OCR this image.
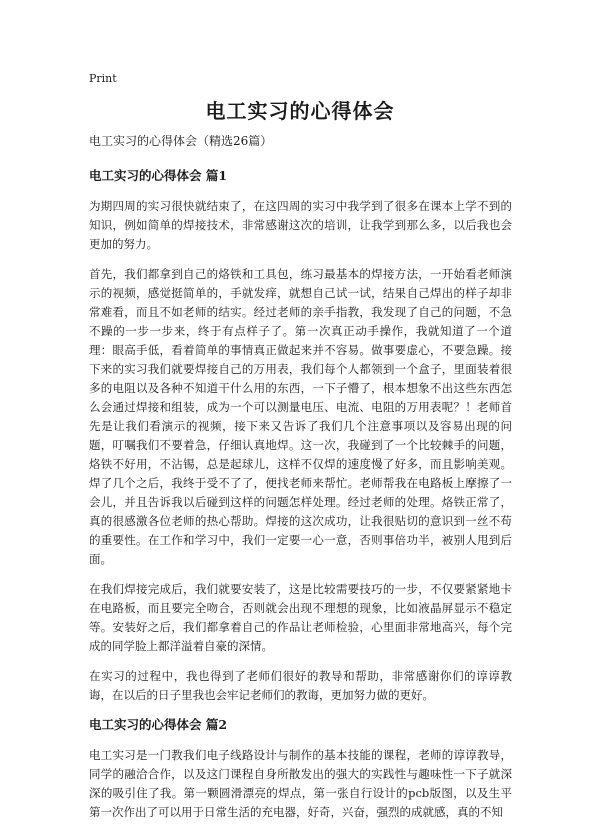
Print
电工实习的心得体会
电工实习的心得体会（精选26篇）
电工实习的心得体会 篇1

为期四周的实习很快就结束了，在这四周的实习中我学到了很多在课本上学不到的知识，例如简单的焊接技术，非常感谢这次的培训，让我学到那么多，以后我也会更加的努力。

首先，我们都拿到自己的烙铁和工具包，练习最基本的焊接方法，一开始看老师演示的视频，感觉挺简单的，手就发痒，就想自己试一试，结果自己焊出的样子却非常难看，而且不如老师的结实。经过老师的亲手指教，我发现了自己的问题，不急不躁的一步一步来，终于有点样子了。第一次真正动手操作，我就知道了一个道理：眼高手低，看着简单的事情真正做起来并不容易。做事要虚心，不要急躁。接下来的实习我们就要焊接自己的万用表，我们每个人都领到一个盒子，里面装着很多的电阻以及各种不知道干什么用的东西，一下子懵了，根本想象不出这些东西怎么会通过焊接和组装，成为一个可以测量电压、电流、电阻的万用表呢？！老师首先是让我们看演示的视频，接下来又告诉了我们几个注意事项以及容易出现的问题，叮嘱我们不要着急，仔细认真地焊。这一次，我碰到了一个比较棘手的问题，烙铁不好用，不沾锡，总是起球儿，这样不仅焊的速度慢了好多，而且影响美观。焊了几个之后，我终于受不了了，便找老师来帮忙。老师帮我在电路板上摩擦了一会儿，并且告诉我以后碰到这样的问题怎样处理。经过老师的处理。烙铁正常了，真的很感激各位老师的热心帮助。焊接的这次成功，让我很贴切的意识到一丝不苟的重要性。在工作和学习中，我们一定要一心一意，否则事倍功半，被别人甩到后面。

在我们焊接完成后，我们就要安装了，这是比较需要技巧的一步，不仅要紧紧地卡在电路板，而且要完全吻合，否则就会出现不理想的现象，比如液晶屏显示不稳定等。安装好之后，我们都拿着自己的作品让老师检验，心里面非常地高兴，每个完成的同学脸上都洋溢着自豪的深情。

在实习的过程中，我也得到了老师们很好的教导和帮助，非常感谢你们的谆谆教诲，在以后的日子里我也会牢记老师们的教诲，更加努力做的更好。

电工实习的心得体会 篇2

电工实习是一门教我们电子线路设计与制作的基本技能的课程，老师的谆谆教导，同学的融洽合作，以及这门课程自身所散发出的强大的实践性与趣味性一下子就深深的吸引住了我。第一颗圆滑漂亮的焊点，第一张自行设计的pcb版图，以及生平第一次作出了可以用于日常生活的充电器，好奇，兴奋，强烈的成就感，真的不知
